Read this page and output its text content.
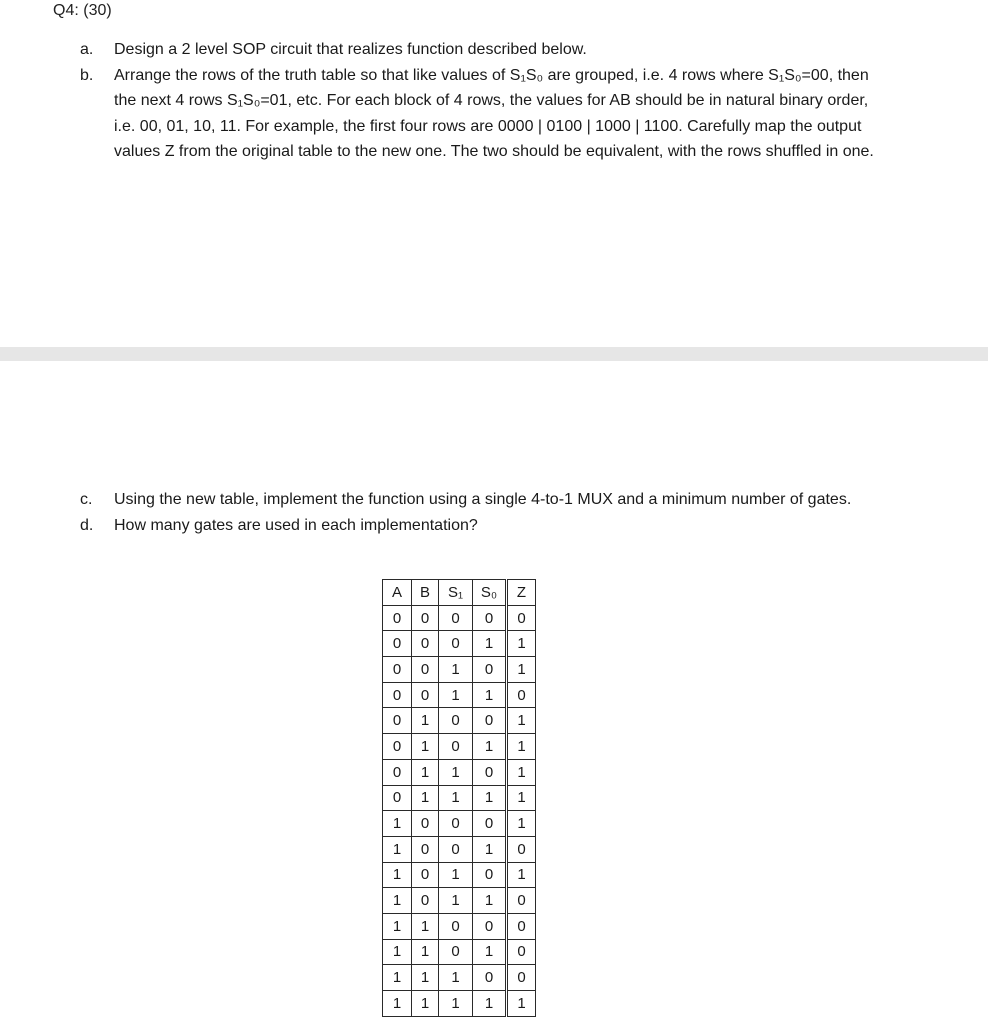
Q4: (30)
a.	Design a 2 level SOP circuit that realizes function described below.
b.	Arrange the rows of the truth table so that like values of S₁S₀ are grouped, i.e. 4 rows where S₁S₀=00, then the next 4 rows S₁S₀=01, etc. For each block of 4 rows, the values for AB should be in natural binary order, i.e. 00, 01, 10, 11. For example, the first four rows are 0000 | 0100 | 1000 | 1100. Carefully map the output values Z from the original table to the new one. The two should be equivalent, with the rows shuffled in one.
c.	Using the new table, implement the function using a single 4-to-1 MUX and a minimum number of gates.
d.	How many gates are used in each implementation?
A	B	S₁	S₀	Z
0	0	0	0	0
0	0	0	1	1
0	0	1	0	1
0	0	1	1	0
0	1	0	0	1
0	1	0	1	1
0	1	1	0	1
0	1	1	1	1
1	0	0	0	1
1	0	0	1	0
1	0	1	0	1
1	0	1	1	0
1	1	0	0	0
1	1	0	1	0
1	1	1	0	0
1	1	1	1	1
